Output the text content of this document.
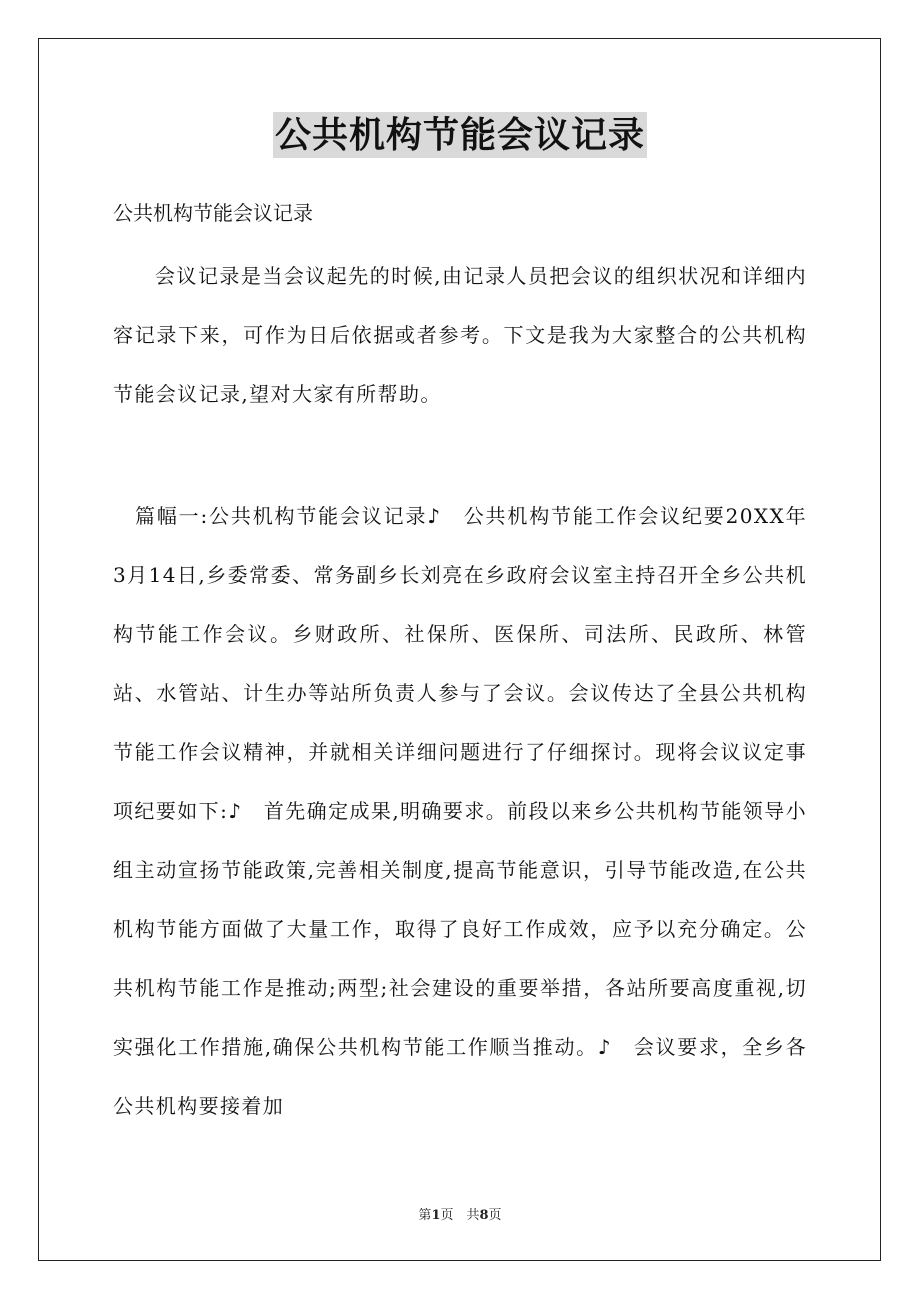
公共机构节能会议记录

公共机构节能会议记录

会议记录是当会议起先的时候,由记录人员把会议的组织状况和详细内容记录下来，可作为日后依据或者参考。下文是我为大家整合的公共机构节能会议记录,望对大家有所帮助。

篇幅一:公共机构节能会议记录♪　公共机构节能工作会议纪要20XX年3月14日,乡委常委、常务副乡长刘亮在乡政府会议室主持召开全乡公共机构节能工作会议。乡财政所、社保所、医保所、司法所、民政所、林管站、水管站、计生办等站所负责人参与了会议。会议传达了全县公共机构节能工作会议精神，并就相关详细问题进行了仔细探讨。现将会议议定事项纪要如下:♪　首先确定成果,明确要求。前段以来乡公共机构节能领导小组主动宣扬节能政策,完善相关制度,提高节能意识，引导节能改造,在公共机构节能方面做了大量工作，取得了良好工作成效，应予以充分确定。公共机构节能工作是推动;两型;社会建设的重要举措，各站所要高度重视,切实强化工作措施,确保公共机构节能工作顺当推动。♪　会议要求，全乡各公共机构要接着加

第1页　共8页
